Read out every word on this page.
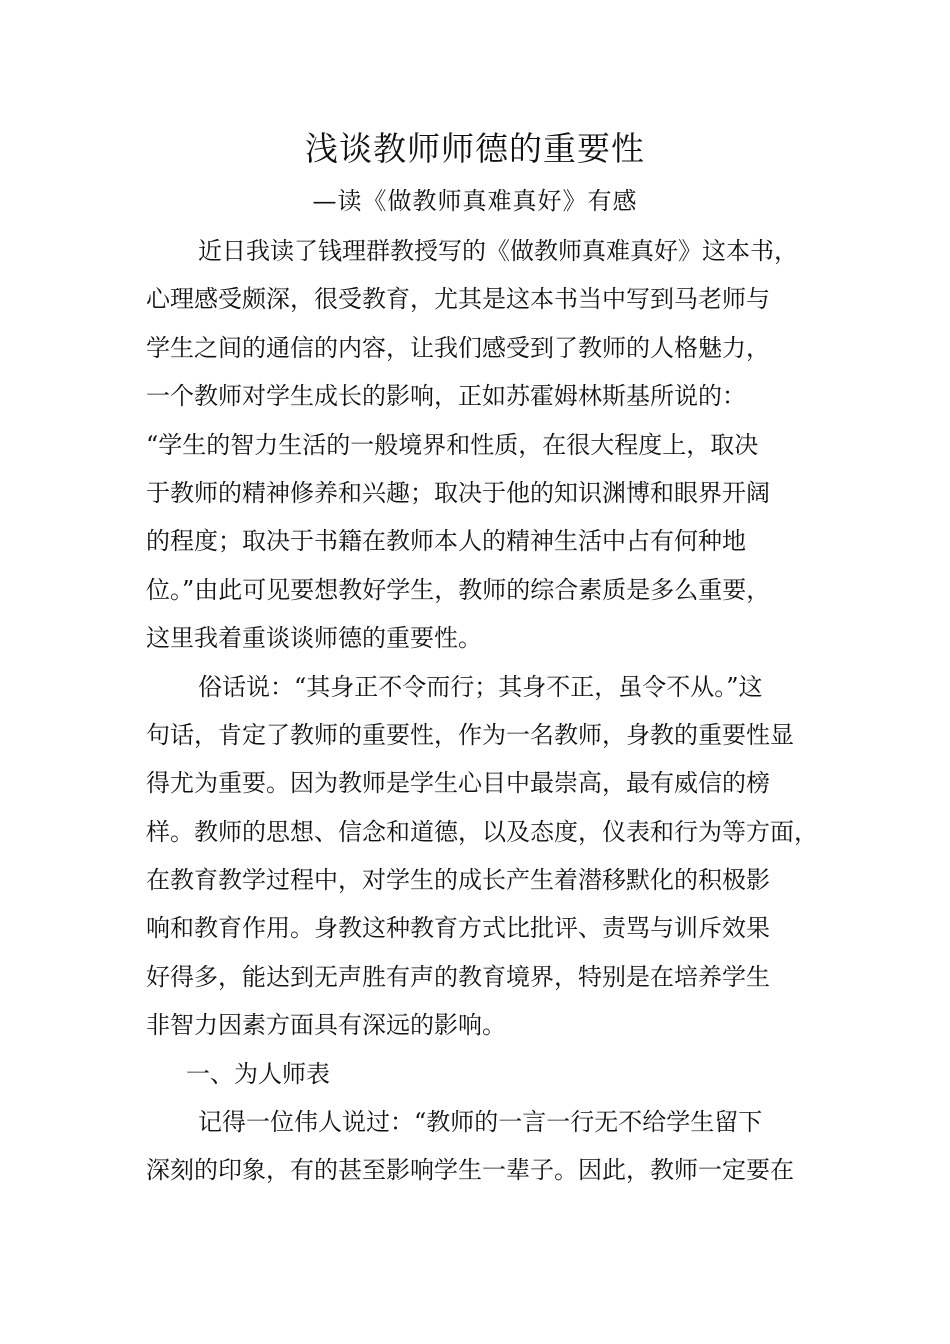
浅谈教师师德的重要性
—读《做教师真难真好》有感
近日我读了钱理群教授写的《做教师真难真好》这本书，
心理感受颇深，很受教育，尤其是这本书当中写到马老师与
学生之间的通信的内容，让我们感受到了教师的人格魅力，
一个教师对学生成长的影响，正如苏霍姆林斯基所说的：
“学生的智力生活的一般境界和性质，在很大程度上，取决
于教师的精神修养和兴趣；取决于他的知识渊博和眼界开阔
的程度；取决于书籍在教师本人的精神生活中占有何种地
位。”由此可见要想教好学生，教师的综合素质是多么重要，
这里我着重谈谈师德的重要性。
俗话说：“其身正不令而行；其身不正，虽令不从。”这
句话，肯定了教师的重要性，作为一名教师，身教的重要性显
得尤为重要。因为教师是学生心目中最崇高，最有威信的榜
样。教师的思想、信念和道德，以及态度，仪表和行为等方面，
在教育教学过程中，对学生的成长产生着潜移默化的积极影
响和教育作用。身教这种教育方式比批评、责骂与训斥效果
好得多，能达到无声胜有声的教育境界，特别是在培养学生
非智力因素方面具有深远的影响。
一、为人师表
记得一位伟人说过：“教师的一言一行无不给学生留下
深刻的印象，有的甚至影响学生一辈子。因此，教师一定要在
